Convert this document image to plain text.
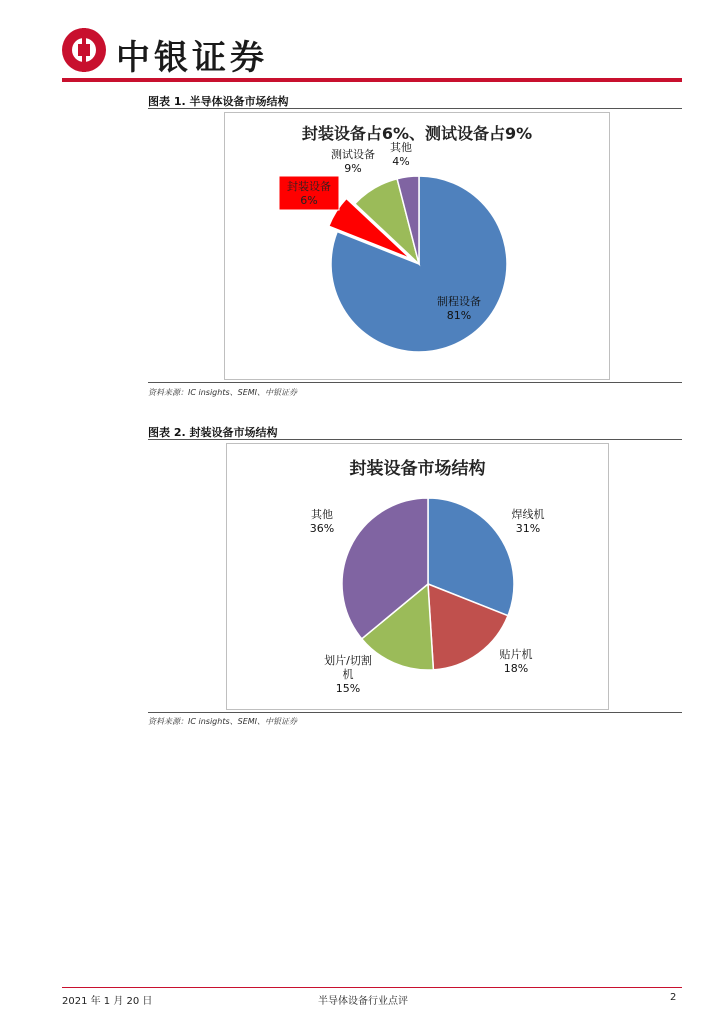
中银证券
图表 1. 半导体设备市场结构
封装设备占6%、测试设备占9%
制程设备
81%
封装设备
6%
测试设备
9%
其他
4%
资料来源：IC insights、SEMI、中银证券
图表 2. 封装设备市场结构
封装设备市场结构
焊线机
31%
贴片机
18%
划片/切割
机
15%
其他
36%
资料来源：IC insights、SEMI、中银证券
2021 年 1 月 20 日	半导体设备行业点评	2
